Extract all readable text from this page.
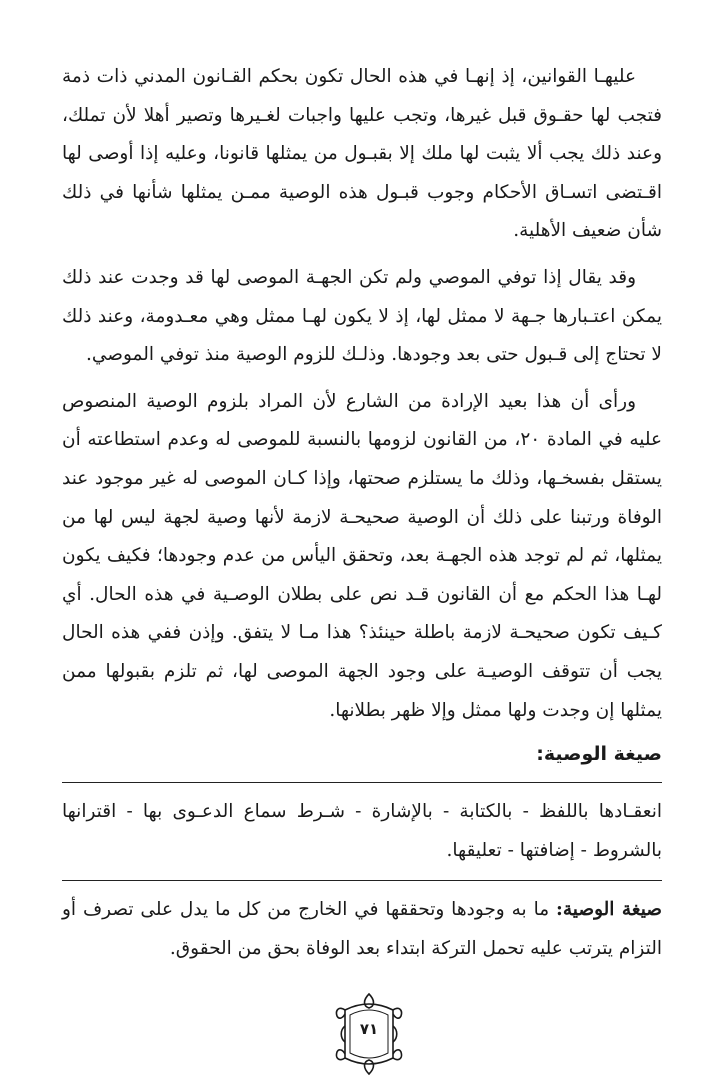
عليهـا القوانين، إذ إنهـا في هذه الحال تكون بحكم القـانون المدني ذات ذمة فتجب لها حقـوق قبل غيرها، وتجب عليها واجبات لغـيرها وتصير أهلا لأن تملك، وعند ذلك يجب ألا يثبت لها ملك إلا بقبـول من يمثلها قانونا، وعليه إذا أوصى لها اقـتضى اتسـاق الأحكام وجوب قبـول هذه الوصية ممـن يمثلها شأنها في ذلك شأن ضعيف الأهلية.

وقد يقال إذا توفي الموصي ولم تكن الجهـة الموصى لها قد وجدت عند ذلك يمكن اعتـبارها جـهة لا ممثل لها، إذ لا يكون لهـا ممثل وهي معـدومة، وعند ذلك لا تحتاج إلى قـبول حتى بعد وجودها. وذلـك للزوم الوصية منذ توفي الموصي.

ورأى أن هذا بعيد الإرادة من الشارع لأن المراد بلزوم الوصية المنصوص عليه في المادة ٢٠، من القانون لزومها بالنسبة للموصى له وعدم استطاعته أن يستقل بفسخـها، وذلك ما يستلزم صحتها، وإذا كـان الموصى له غير موجود عند الوفاة ورتبنا على ذلك أن الوصية صحيحـة لازمة لأنها وصية لجهة ليس لها من يمثلها، ثم لم توجد هذه الجهـة بعد، وتحقق اليأس من عدم وجودها؛ فكيف يكون لهـا هذا الحكم مع أن القانون قـد نص على بطلان الوصـية في هذه الحال. أي كـيف تكون صحيحـة لازمة باطلة حينئذ؟ هذا مـا لا يتفق. وإذن ففي هذه الحال يجب أن تتوقف الوصيـة على وجود الجهة الموصى لها، ثم تلزم بقبولها ممن يمثلها إن وجدت ولها ممثل وإلا ظهر بطلانها.

صيغة الوصية:

انعقـادها باللفظ - بالكتابة - بالإشارة - شـرط سماع الدعـوى بها - اقترانها بالشروط - إضافتها - تعليقها.

صيغة الوصية: ما به وجودها وتحققها في الخارج من كل ما يدل على تصرف أو التزام يترتب عليه تحمل التركة ابتداء بعد الوفاة بحق من الحقوق.

٧١
